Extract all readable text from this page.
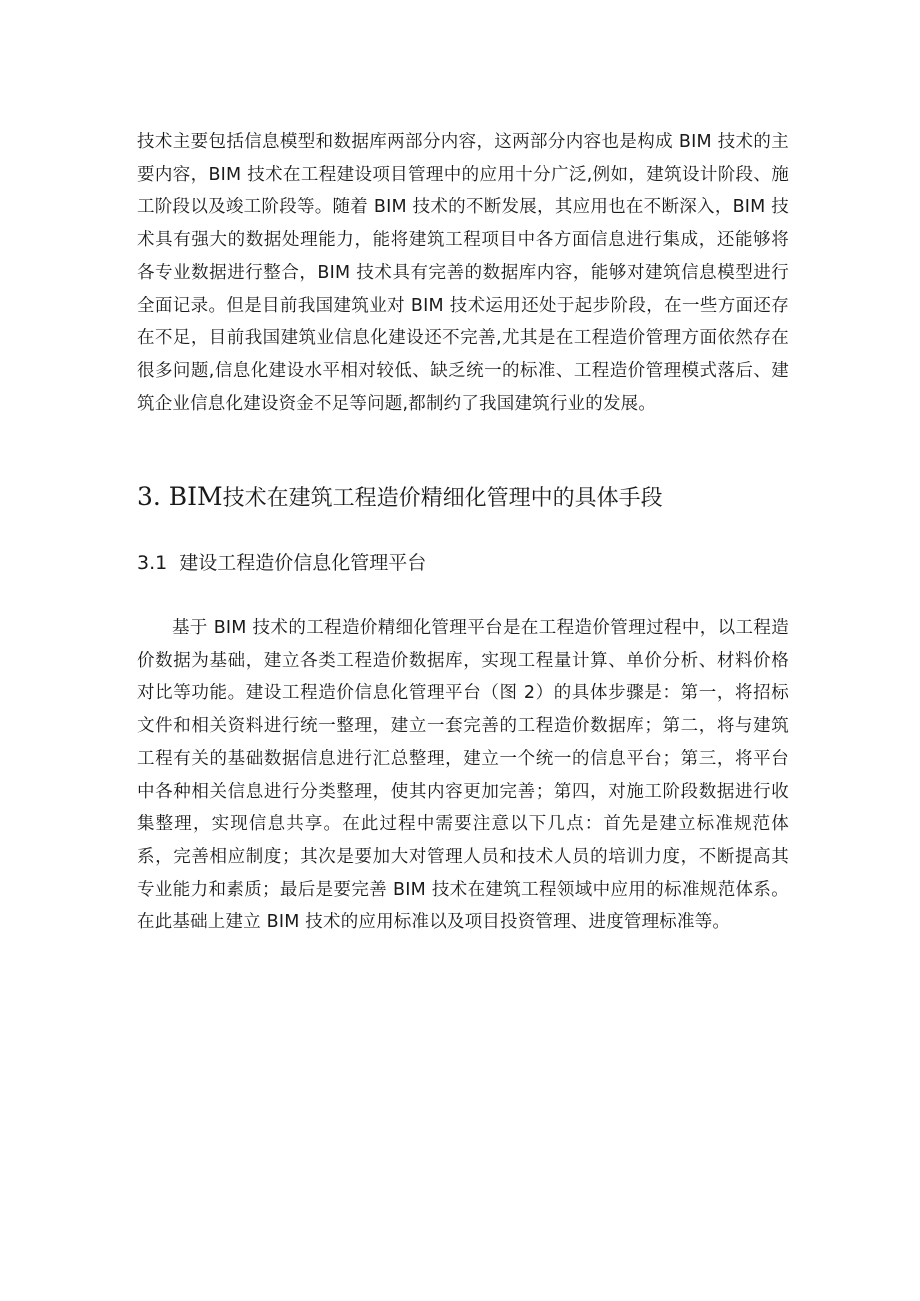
技术主要包括信息模型和数据库两部分内容，这两部分内容也是构成 BIM 技术的主要内容，BIM 技术在工程建设项目管理中的应用十分广泛,例如，建筑设计阶段、施工阶段以及竣工阶段等。随着 BIM 技术的不断发展，其应用也在不断深入，BIM 技术具有强大的数据处理能力，能将建筑工程项目中各方面信息进行集成，还能够将各专业数据进行整合，BIM 技术具有完善的数据库内容，能够对建筑信息模型进行全面记录。但是目前我国建筑业对 BIM 技术运用还处于起步阶段，在一些方面还存在不足，目前我国建筑业信息化建设还不完善,尤其是在工程造价管理方面依然存在很多问题,信息化建设水平相对较低、缺乏统一的标准、工程造价管理模式落后、建筑企业信息化建设资金不足等问题,都制约了我国建筑行业的发展。

3. BIM技术在建筑工程造价精细化管理中的具体手段
3.1 建设工程造价信息化管理平台

基于 BIM 技术的工程造价精细化管理平台是在工程造价管理过程中，以工程造价数据为基础，建立各类工程造价数据库，实现工程量计算、单价分析、材料价格对比等功能。建设工程造价信息化管理平台（图 2）的具体步骤是：第一，将招标文件和相关资料进行统一整理，建立一套完善的工程造价数据库；第二，将与建筑工程有关的基础数据信息进行汇总整理，建立一个统一的信息平台；第三，将平台中各种相关信息进行分类整理，使其内容更加完善；第四，对施工阶段数据进行收集整理，实现信息共享。在此过程中需要注意以下几点：首先是建立标准规范体系，完善相应制度；其次是要加大对管理人员和技术人员的培训力度，不断提高其专业能力和素质；最后是要完善 BIM 技术在建筑工程领域中应用的标准规范体系。在此基础上建立 BIM 技术的应用标准以及项目投资管理、进度管理标准等。
